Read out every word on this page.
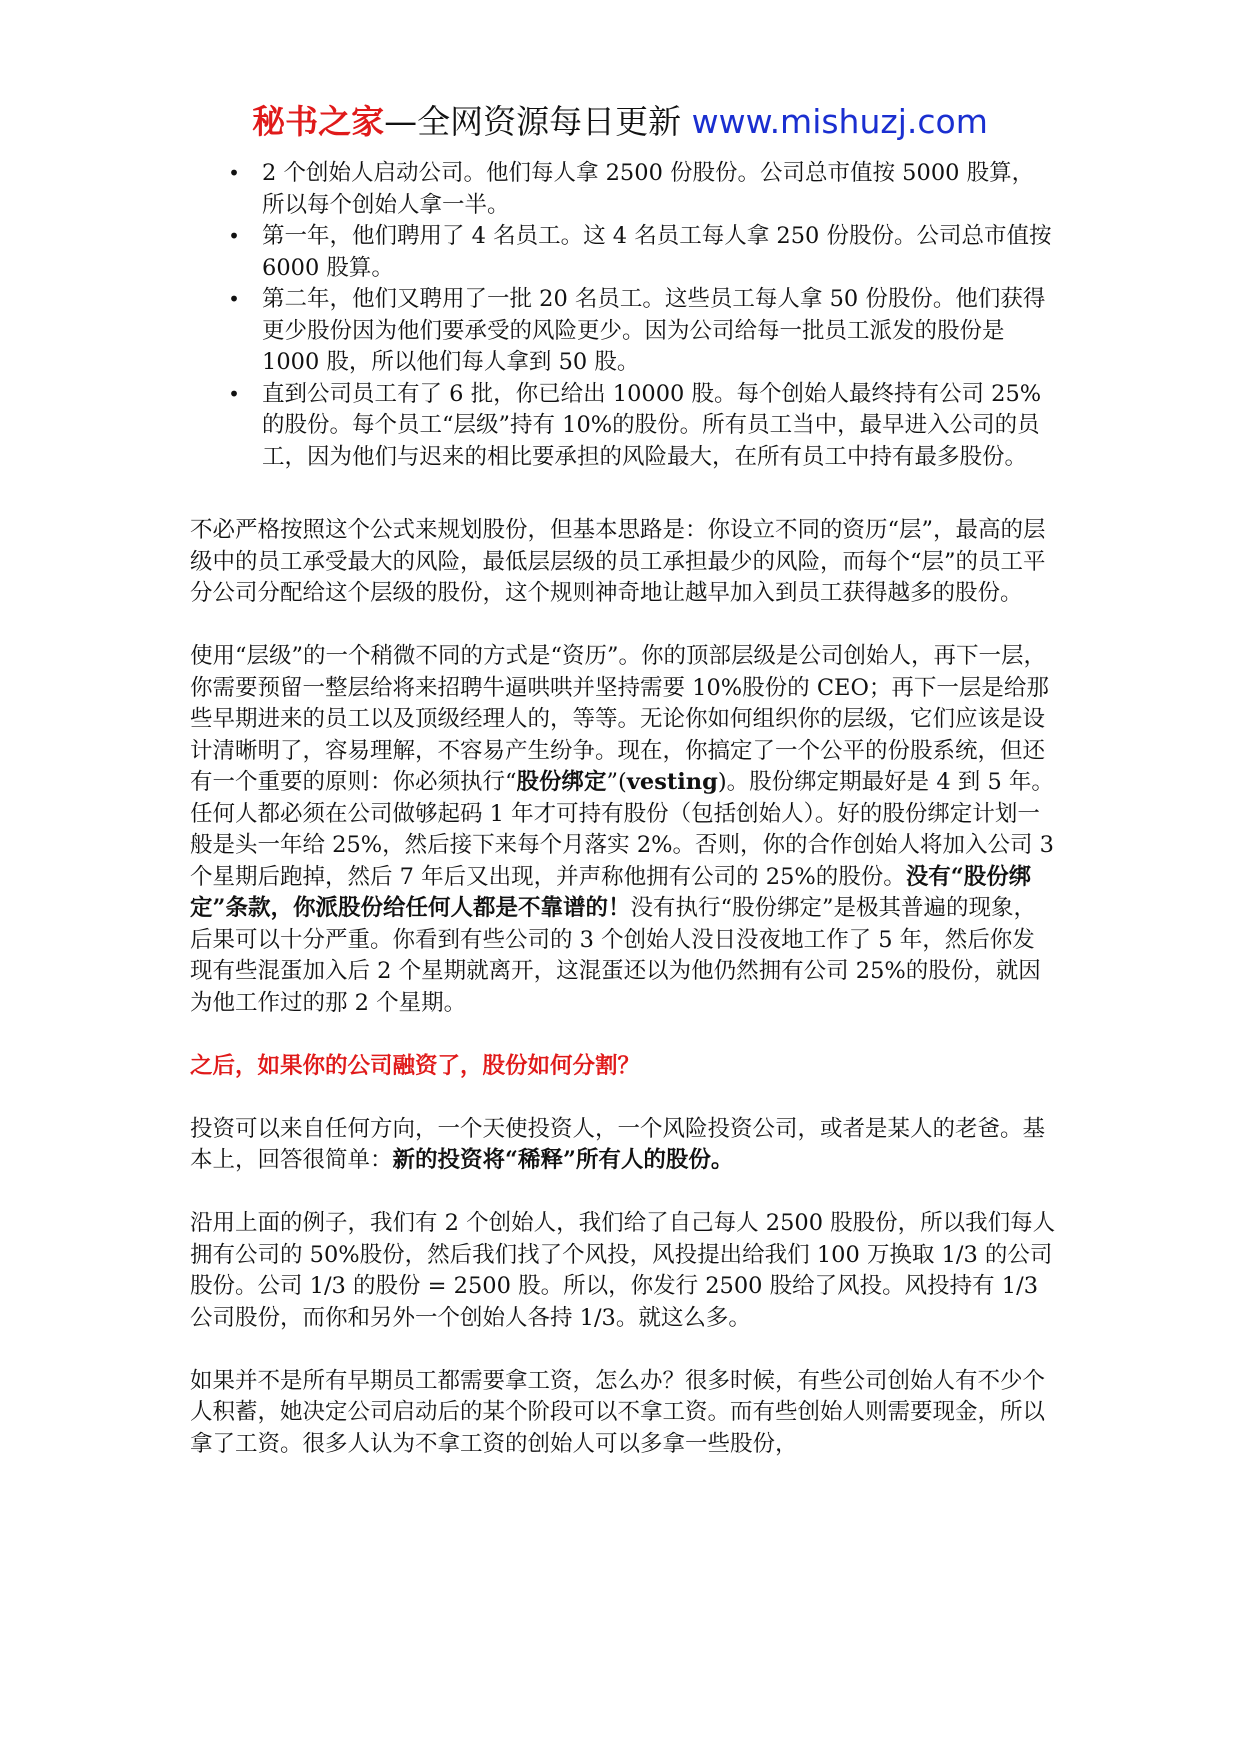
秘书之家—全网资源每日更新 www.mishuzj.com
• 2 个创始人启动公司。他们每人拿 2500 份股份。公司总市值按 5000 股算，所以每个创始人拿一半。
• 第一年，他们聘用了 4 名员工。这 4 名员工每人拿 250 份股份。公司总市值按 6000 股算。
• 第二年，他们又聘用了一批 20 名员工。这些员工每人拿 50 份股份。他们获得更少股份因为他们要承受的风险更少。因为公司给每一批员工派发的股份是 1000 股，所以他们每人拿到 50 股。
• 直到公司员工有了 6 批，你已给出 10000 股。每个创始人最终持有公司 25%的股份。每个员工“层级”持有 10%的股份。所有员工当中，最早进入公司的员工，因为他们与迟来的相比要承担的风险最大，在所有员工中持有最多股份。

不必严格按照这个公式来规划股份，但基本思路是：你设立不同的资历“层”，最高的层级中的员工承受最大的风险，最低层层级的员工承担最少的风险，而每个“层”的员工平分公司分配给这个层级的股份，这个规则神奇地让越早加入到员工获得越多的股份。

使用“层级”的一个稍微不同的方式是“资历”。你的顶部层级是公司创始人，再下一层，你需要预留一整层给将来招聘牛逼哄哄并坚持需要 10%股份的 CEO；再下一层是给那些早期进来的员工以及顶级经理人的，等等。无论你如何组织你的层级，它们应该是设计清晰明了，容易理解，不容易产生纷争。现在，你搞定了一个公平的份股系统，但还有一个重要的原则：你必须执行“股份绑定”(vesting)。股份绑定期最好是 4 到 5 年。任何人都必须在公司做够起码 1 年才可持有股份（包括创始人）。好的股份绑定计划一般是头一年给 25%，然后接下来每个月落实 2%。否则，你的合作创始人将加入公司 3 个星期后跑掉，然后 7 年后又出现，并声称他拥有公司的 25%的股份。没有“股份绑定”条款，你派股份给任何人都是不靠谱的！没有执行“股份绑定”是极其普遍的现象，后果可以十分严重。你看到有些公司的 3 个创始人没日没夜地工作了 5 年，然后你发现有些混蛋加入后 2 个星期就离开，这混蛋还以为他仍然拥有公司 25%的股份，就因为他工作过的那 2 个星期。

之后，如果你的公司融资了，股份如何分割？

投资可以来自任何方向，一个天使投资人，一个风险投资公司，或者是某人的老爸。基本上，回答很简单：新的投资将“稀释”所有人的股份。

沿用上面的例子，我们有 2 个创始人，我们给了自己每人 2500 股股份，所以我们每人拥有公司的 50%股份，然后我们找了个风投，风投提出给我们 100 万换取 1/3 的公司股份。公司 1/3 的股份 = 2500 股。所以，你发行 2500 股给了风投。风投持有 1/3 公司股份，而你和另外一个创始人各持 1/3。就这么多。

如果并不是所有早期员工都需要拿工资，怎么办？很多时候，有些公司创始人有不少个人积蓄，她决定公司启动后的某个阶段可以不拿工资。而有些创始人则需要现金，所以拿了工资。很多人认为不拿工资的创始人可以多拿一些股份，
